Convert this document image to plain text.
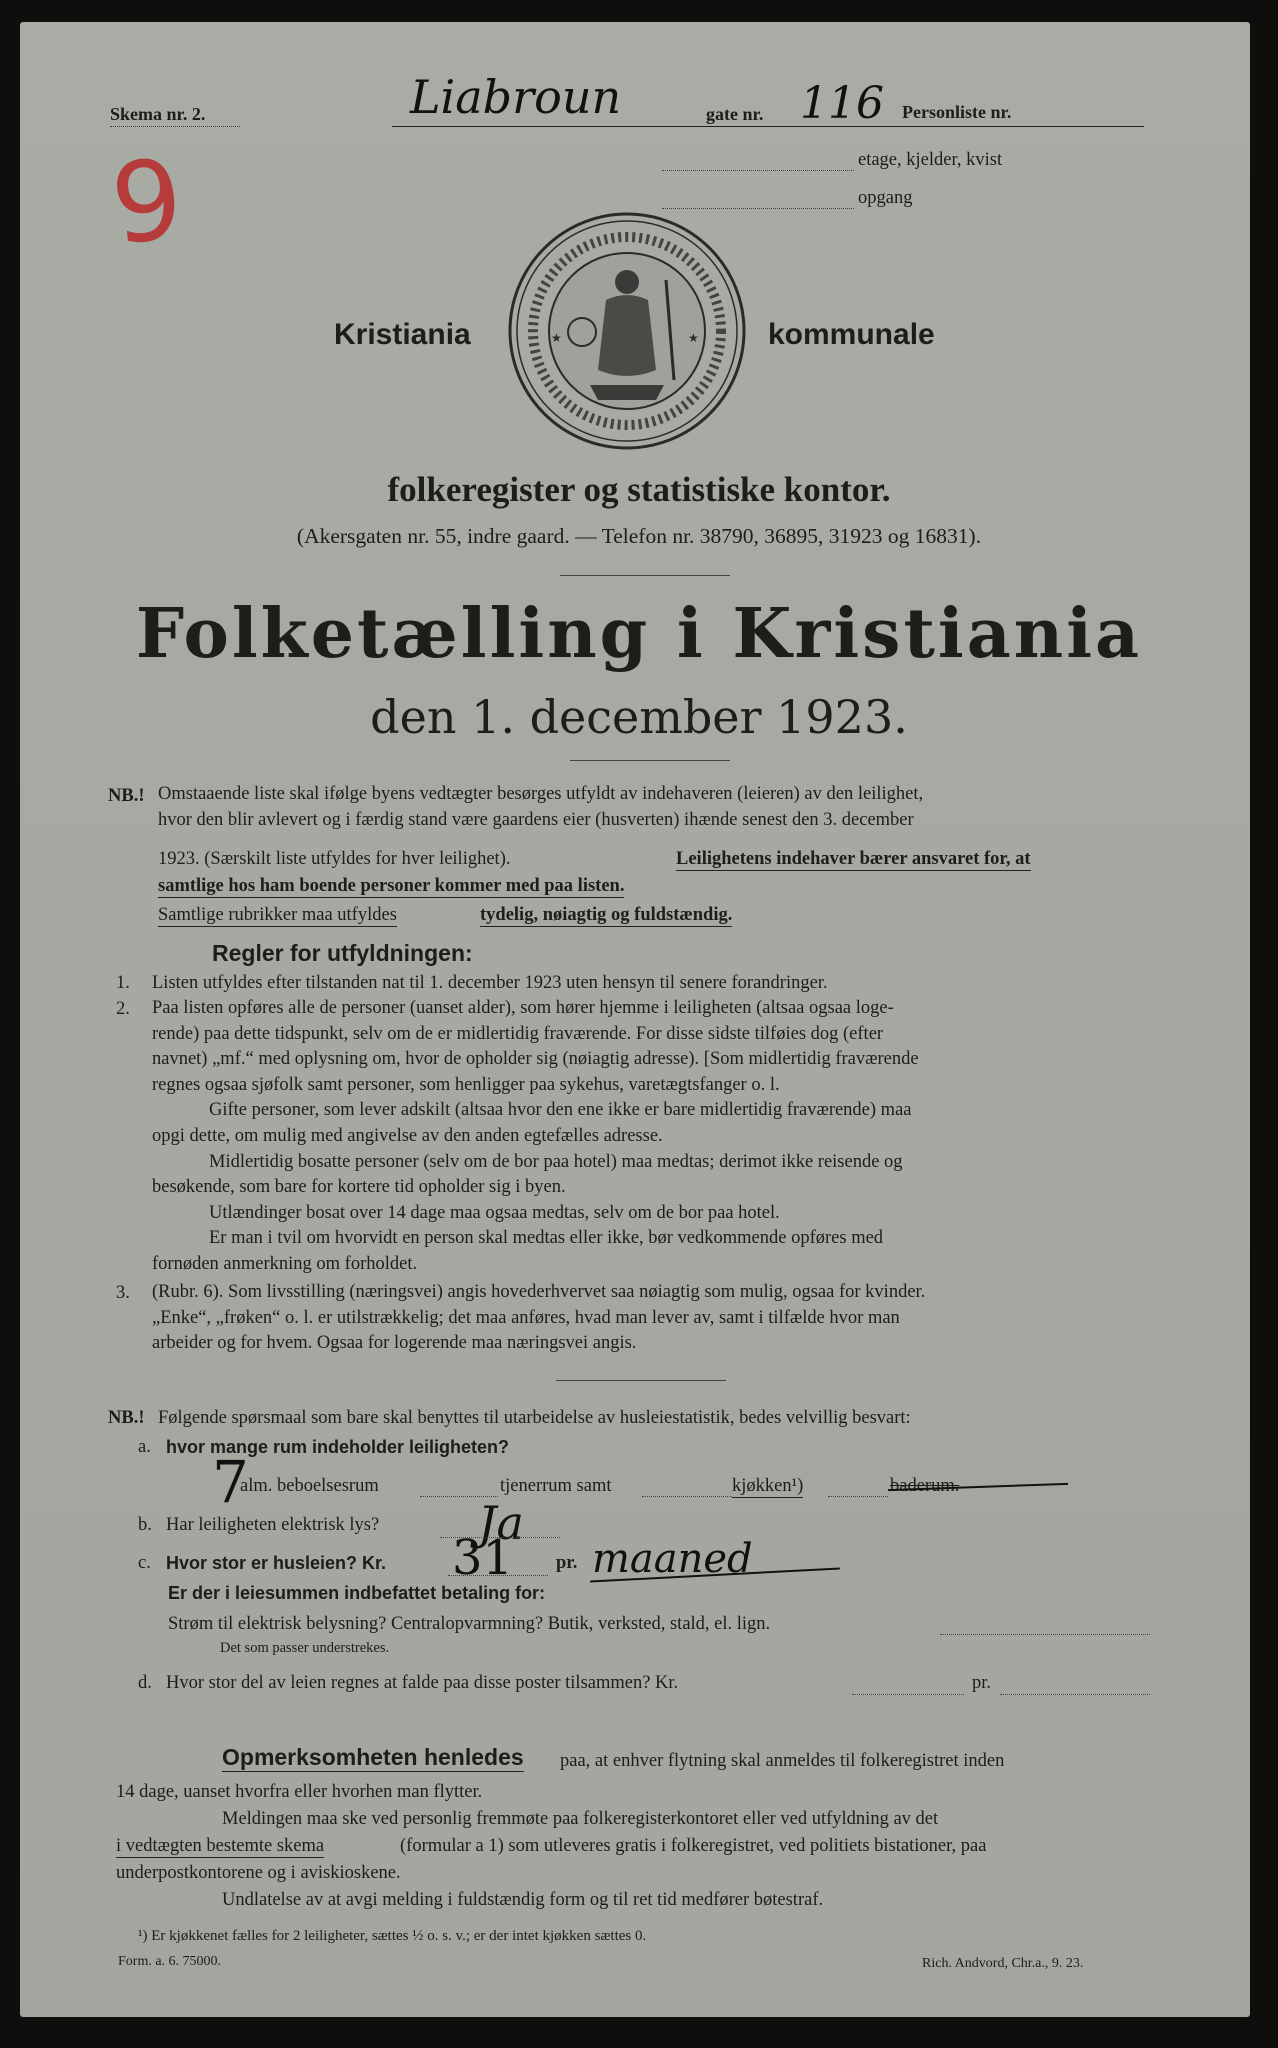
Skema nr. 2.	Liabroun	gate nr. 116 Personliste nr.
etage, kjelder, kvist
opgang
9
Kristiania	kommunale
★	★
folkeregister og statistiske kontor.
(Akersgaten nr. 55, indre gaard. — Telefon nr. 38790, 36895, 31923 og 16831).
Folketælling i Kristiania
den 1. december 1923.
NB.! Omstaaende liste skal ifølge byens vedtægter besørges utfyldt av indehaveren (leieren) av den leilighet,

hvor den blir avlevert og i færdig stand være gaardens eier (husverten) ihænde senest den 3. december

1923. (Særskilt liste utfyldes for hver leilighet).	Leilighetens indehaver bærer ansvaret for, at
samtlige hos ham boende personer kommer med paa listen.
Samtlige rubrikker maa utfyldes	tydelig, nøiagtig og fuldstændig.
Regler for utfyldningen:
1. Listen utfyldes efter tilstanden nat til 1. december 1923 uten hensyn til senere forandringer.
2. Paa listen opføres alle de personer (uanset alder), som hører hjemme i leiligheten (altsaa ogsaa loge-

rende) paa dette tidspunkt, selv om de er midlertidig fraværende. For disse sidste tilføies dog (efter

navnet) „mf.“ med oplysning om, hvor de opholder sig (nøiagtig adresse). [Som midlertidig fraværende

regnes ogsaa sjøfolk samt personer, som henligger paa sykehus, varetægtsfanger o. l.

Gifte personer, som lever adskilt (altsaa hvor den ene ikke er bare midlertidig fraværende) maa

opgi dette, om mulig med angivelse av den anden egtefælles adresse.

Midlertidig bosatte personer (selv om de bor paa hotel) maa medtas; derimot ikke reisende og

besøkende, som bare for kortere tid opholder sig i byen.

Utlændinger bosat over 14 dage maa ogsaa medtas, selv om de bor paa hotel.

Er man i tvil om hvorvidt en person skal medtas eller ikke, bør vedkommende opføres med

fornøden anmerkning om forholdet.

3. (Rubr. 6). Som livsstilling (næringsvei) angis hovederhvervet saa nøiagtig som mulig, ogsaa for kvinder.

„Enke“, „frøken“ o. l. er utilstrækkelig; det maa anføres, hvad man lever av, samt i tilfælde hvor man

arbeider og for hvem. Ogsaa for logerende maa næringsvei angis.

NB.! Følgende spørsmaal som bare skal benyttes til utarbeidelse av husleiestatistik, bedes velvillig besvart:
a. hvor mange rum indeholder leiligheten?
7
alm. beboelsesrum	tjenerrum samt	kjøkken¹)	baderum.
b. Har leiligheten elektrisk lys? Ja
c. Hvor stor er husleien? Kr. 31 pr. maaned
Er der i leiesummen indbefattet betaling for:
Strøm til elektrisk belysning? Centralopvarmning? Butik, verksted, stald, el. lign.
Det som passer understrekes.
d. Hvor stor del av leien regnes at falde paa disse poster tilsammen? Kr.	pr.
Opmerksomheten henledes paa, at enhver flytning skal anmeldes til folkeregistret inden
14 dage, uanset hvorfra eller hvorhen man flytter.
Meldingen maa ske ved personlig fremmøte paa folkeregisterkontoret eller ved utfyldning av det
i vedtægten bestemte skema	(formular a 1) som utleveres gratis i folkeregistret, ved politiets bistationer, paa
underpostkontorene og i aviskioskene.
Undlatelse av at avgi melding i fuldstændig form og til ret tid medfører bøtestraf.
¹) Er kjøkkenet fælles for 2 leiligheter, sættes ½ o. s. v.; er der intet kjøkken sættes 0.
Form. a. 6. 75000.	Rich. Andvord, Chr.a., 9. 23.
